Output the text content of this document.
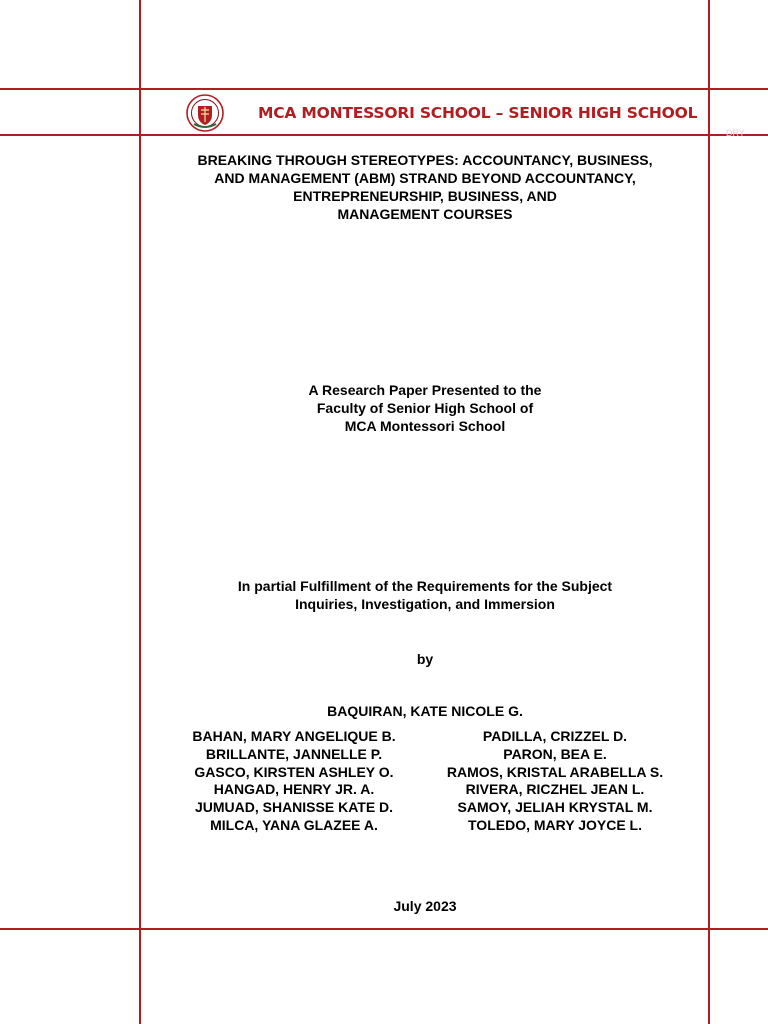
MCA MONTESSORI SCHOOL – SENIOR HIGH SCHOOL
DRY
BREAKING THROUGH STEREOTYPES: ACCOUNTANCY, BUSINESS,
AND MANAGEMENT (ABM) STRAND BEYOND ACCOUNTANCY,
ENTREPRENEURSHIP, BUSINESS, AND
MANAGEMENT COURSES
A Research Paper Presented to the
Faculty of Senior High School of
MCA Montessori School
In partial Fulfillment of the Requirements for the Subject
Inquiries, Investigation, and Immersion
by
BAQUIRAN, KATE NICOLE G.
BAHAN, MARY ANGELIQUE B.
BRILLANTE, JANNELLE P.
GASCO, KIRSTEN ASHLEY O.
HANGAD, HENRY JR. A.
JUMUAD, SHANISSE KATE D.
MILCA, YANA GLAZEE A.
PADILLA, CRIZZEL D.
PARON, BEA E.
RAMOS, KRISTAL ARABELLA S.
RIVERA, RICZHEL JEAN L.
SAMOY, JELIAH KRYSTAL M.
TOLEDO, MARY JOYCE L.
July 2023
